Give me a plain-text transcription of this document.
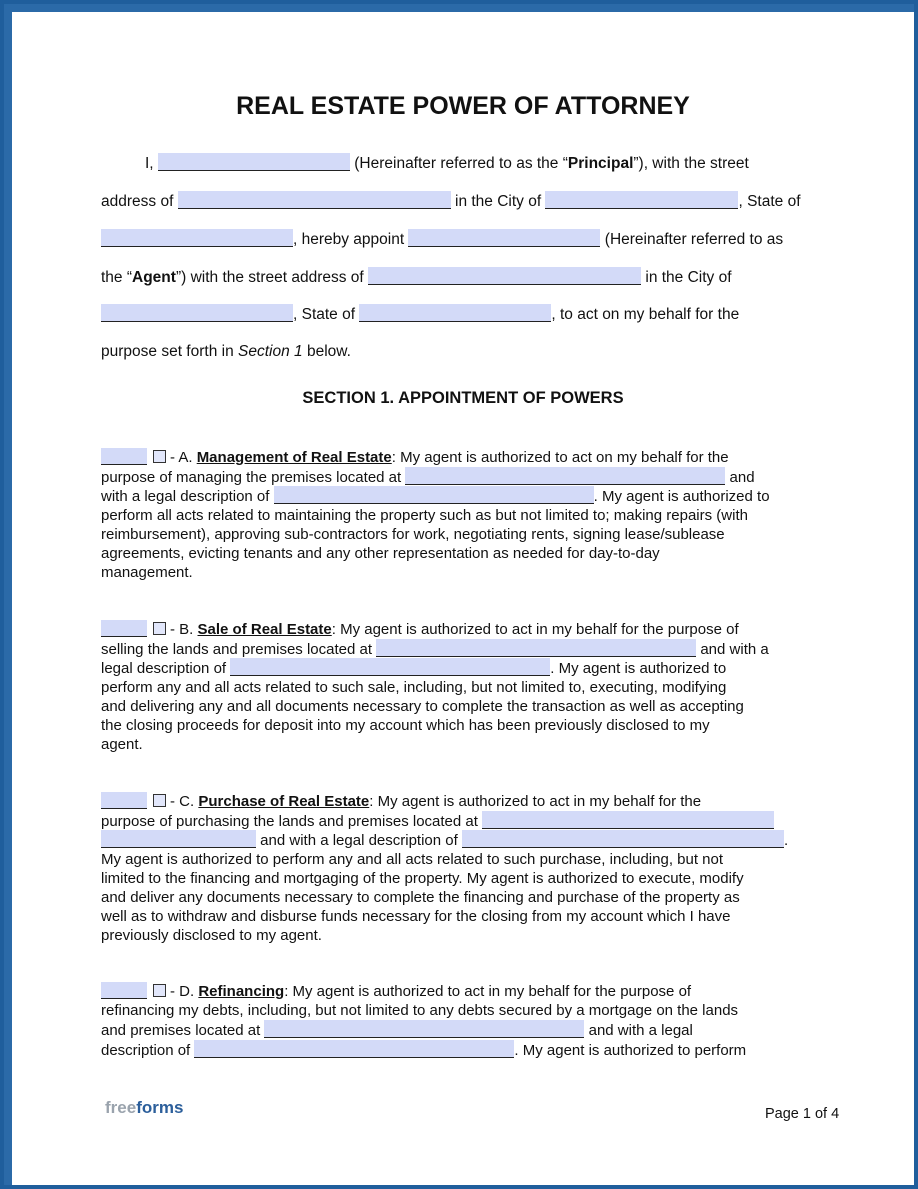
REAL ESTATE POWER OF ATTORNEY
I,	(Hereinafter referred to as the “Principal”), with the street
address of	in the City of	, State of
, hereby appoint	(Hereinafter referred to as
the “Agent”) with the street address of	in the City of
, State of	, to act on my behalf for the
purpose set forth in Section 1 below.
SECTION 1. APPOINTMENT OF POWERS
- A. Management of Real Estate: My agent is authorized to act on my behalf for the
purpose of managing the premises located at	and
with a legal description of	. My agent is authorized to
perform all acts related to maintaining the property such as but not limited to; making repairs (with
reimbursement), approving sub-contractors for work, negotiating rents, signing lease/sublease
agreements, evicting tenants and any other representation as needed for day-to-day
management.
- B. Sale of Real Estate: My agent is authorized to act in my behalf for the purpose of
selling the lands and premises located at	and with a
legal description of	. My agent is authorized to
perform any and all acts related to such sale, including, but not limited to, executing, modifying
and delivering any and all documents necessary to complete the transaction as well as accepting
the closing proceeds for deposit into my account which has been previously disclosed to my
agent.
- C. Purchase of Real Estate: My agent is authorized to act in my behalf for the
purpose of purchasing the lands and premises located at
and with a legal description of	.
My agent is authorized to perform any and all acts related to such purchase, including, but not
limited to the financing and mortgaging of the property. My agent is authorized to execute, modify
and deliver any documents necessary to complete the financing and purchase of the property as
well as to withdraw and disburse funds necessary for the closing from my account which I have
previously disclosed to my agent.
- D. Refinancing: My agent is authorized to act in my behalf for the purpose of
refinancing my debts, including, but not limited to any debts secured by a mortgage on the lands
and premises located at	and with a legal
description of	. My agent is authorized to perform
freeforms	Page 1 of 4
